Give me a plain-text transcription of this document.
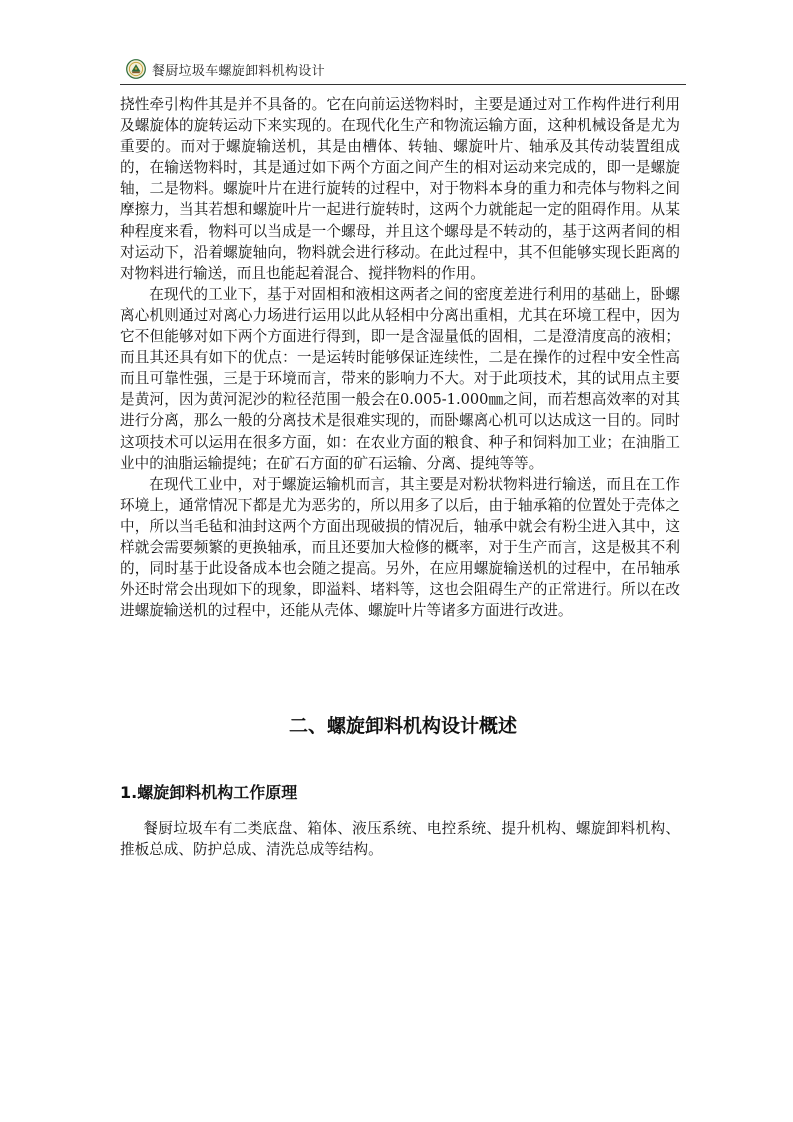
餐厨垃圾车螺旋卸料机构设计

挠性牵引构件其是并不具备的。它在向前运送物料时，主要是通过对工作构件进行利用及螺旋体的旋转运动下来实现的。在现代化生产和物流运输方面，这种机械设备是尤为重要的。而对于螺旋输送机，其是由槽体、转轴、螺旋叶片、轴承及其传动装置组成的，在输送物料时，其是通过如下两个方面之间产生的相对运动来完成的，即一是螺旋轴，二是物料。螺旋叶片在进行旋转的过程中，对于物料本身的重力和壳体与物料之间摩擦力，当其若想和螺旋叶片一起进行旋转时，这两个力就能起一定的阻碍作用。从某种程度来看，物料可以当成是一个螺母，并且这个螺母是不转动的，基于这两者间的相对运动下，沿着螺旋轴向，物料就会进行移动。在此过程中，其不但能够实现长距离的对物料进行输送，而且也能起着混合、搅拌物料的作用。

在现代的工业下，基于对固相和液相这两者之间的密度差进行利用的基础上，卧螺离心机则通过对离心力场进行运用以此从轻相中分离出重相，尤其在环境工程中，因为它不但能够对如下两个方面进行得到，即一是含湿量低的固相，二是澄清度高的液相；而且其还具有如下的优点：一是运转时能够保证连续性，二是在操作的过程中安全性高而且可靠性强，三是于环境而言，带来的影响力不大。对于此项技术，其的试用点主要是黄河，因为黄河泥沙的粒径范围一般会在0.005-1.000㎜之间，而若想高效率的对其进行分离，那么一般的分离技术是很难实现的，而卧螺离心机可以达成这一目的。同时这项技术可以运用在很多方面，如：在农业方面的粮食、种子和饲料加工业；在油脂工业中的油脂运输提纯；在矿石方面的矿石运输、分离、提纯等等。

在现代工业中，对于螺旋运输机而言，其主要是对粉状物料进行输送，而且在工作环境上，通常情况下都是尤为恶劣的，所以用多了以后，由于轴承箱的位置处于壳体之中，所以当毛毡和油封这两个方面出现破损的情况后，轴承中就会有粉尘进入其中，这样就会需要频繁的更换轴承，而且还要加大检修的概率，对于生产而言，这是极其不利的，同时基于此设备成本也会随之提高。另外，在应用螺旋输送机的过程中，在吊轴承外还时常会出现如下的现象，即溢料、堵料等，这也会阻碍生产的正常进行。所以在改进螺旋输送机的过程中，还能从壳体、螺旋叶片等诸多方面进行改进。

二、螺旋卸料机构设计概述
1.螺旋卸料机构工作原理

餐厨垃圾车有二类底盘、箱体、液压系统、电控系统、提升机构、螺旋卸料机构、推板总成、防护总成、清洗总成等结构。
